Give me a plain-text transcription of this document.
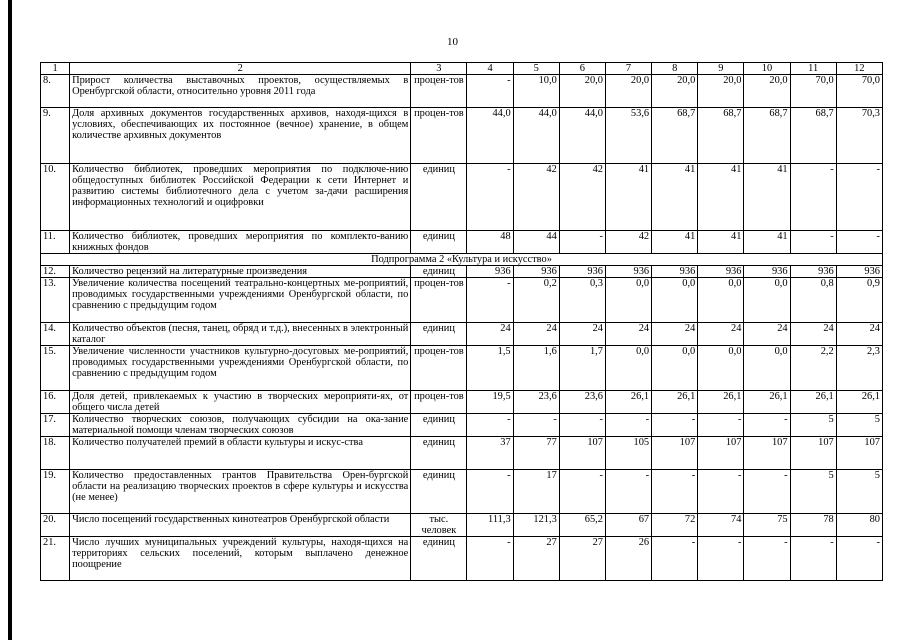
10
1	2	3	4	5	6	7	8	9	10	11	12
8.	Прирост количества выставочных проектов, осуществляемых в Оренбургской области, относительно уровня 2011 года	процен-тов	-	10,0	20,0	20,0	20,0	20,0	20,0	70,0	70,0
9.	Доля архивных документов государственных архивов, находя-щихся в условиях, обеспечивающих их постоянное (вечное) хранение, в общем количестве архивных документов	процен-тов	44,0	44,0	44,0	53,6	68,7	68,7	68,7	68,7	70,3
10.	Количество библиотек, проведших мероприятия по подключе-нию общедоступных библиотек Российской Федерации к сети Интернет и развитию системы библиотечного дела с учетом за-дачи расширения информационных технологий и оцифровки	единиц	-	42	42	41	41	41	41	-	-
11.	Количество библиотек, проведших мероприятия по комплекто-ванию книжных фондов	единиц	48	44	-	42	41	41	41	-	-
Подпрограмма 2 «Культура и искусство»											
12.	Количество рецензий на литературные произведения	единиц	936	936	936	936	936	936	936	936	936
13.	Увеличение количества посещений театрально-концертных ме-роприятий, проводимых государственными учреждениями Оренбургской области, по сравнению с предыдущим годом	процен-тов	-	0,2	0,3	0,0	0,0	0,0	0,0	0,8	0,9
14.	Количество объектов (песня, танец, обряд и т.д.), внесенных в электронный каталог	единиц	24	24	24	24	24	24	24	24	24
15.	Увеличение численности участников культурно-досуговых ме-роприятий, проводимых государственными учреждениями Оренбургской области, по сравнению с предыдущим годом	процен-тов	1,5	1,6	1,7	0,0	0,0	0,0	0,0	2,2	2,3
16.	Доля детей, привлекаемых к участию в творческих мероприяти-ях, от общего числа детей	процен-тов	19,5	23,6	23,6	26,1	26,1	26,1	26,1	26,1	26,1
17.	Количество творческих союзов, получающих субсидии на ока-зание материальной помощи членам творческих союзов	единиц	-	-	-	-	-	-	-	5	5
18.	Количество получателей премий в области культуры и искус-ства	единиц	37	77	107	105	107	107	107	107	107
19.	Количество предоставленных грантов Правительства Орен-бургской области на реализацию творческих проектов в сфере культуры и искусства (не менее)	единиц	-	17	-	-	-	-	-	5	5
20.	Число посещений государственных кинотеатров Оренбургской области	тыс. человек	111,3	121,3	65,2	67	72	74	75	78	80
21.	Число лучших муниципальных учреждений культуры, находя-щихся на территориях сельских поселений, которым выплачено денежное поощрение	единиц	-	27	27	26	-	-	-	-	-
